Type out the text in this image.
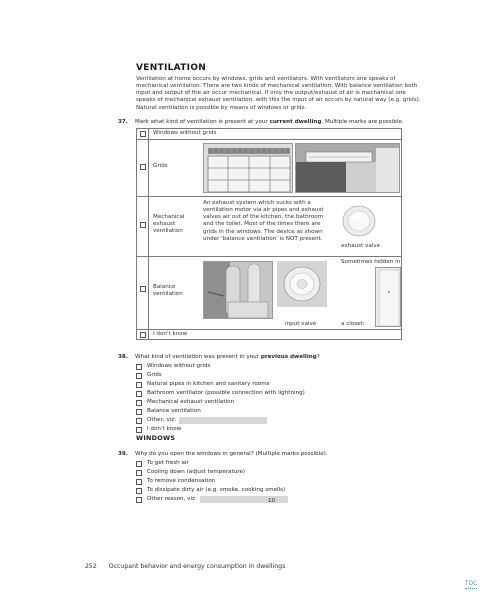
VENTILATION

Ventilation at home occurs by windows, grids and ventilators. With ventilators one speaks of mechanical ventilation. There are two kinds of mechanical ventilation: With balance ventilation both input and output of the air occur mechanical. If only the output/exhaust of air is mechanical one speaks of mechanical exhaust ventilation, with this the input of air occurs by natural way (e.g. grids). Natural ventilation is possible by means of windows or grids.

37. Mark what kind of ventilation is present at your current dwelling. Multiple marks are possible.
Windows without grids
Grids
Mechanical exhaust ventilation
An exhaust system which sucks with a ventilation motor via air pipes and exhaust valves air out of the kitchen, the bathroom and the toilet. Most of the times there are grids in the windows. The device as shown under 'balance ventilation' is NOT present.
exhaust valve
Balance ventilation
input valve
Sometimes hidden in
a closet:
I don't know
38. What kind of ventilation was present in your previous dwelling?
Windows without grids
Grids
Natural pipes in kitchen and sanitary rooms
Bathroom ventilator (possible connection with lightning)
Mechanical exhaust ventilation
Balance ventilation
Other, viz:
I don't know
WINDOWS
39. Why do you open the windows in general? (Multiple marks possible).
To get fresh air
Cooling down (adjust temperature)
To remove condensation
To dissipate dirty air (e.g. smoke, cooking smells)
Other reason, viz:	10
252 Occupant behavior and energy consumption in dwellings
TOC
